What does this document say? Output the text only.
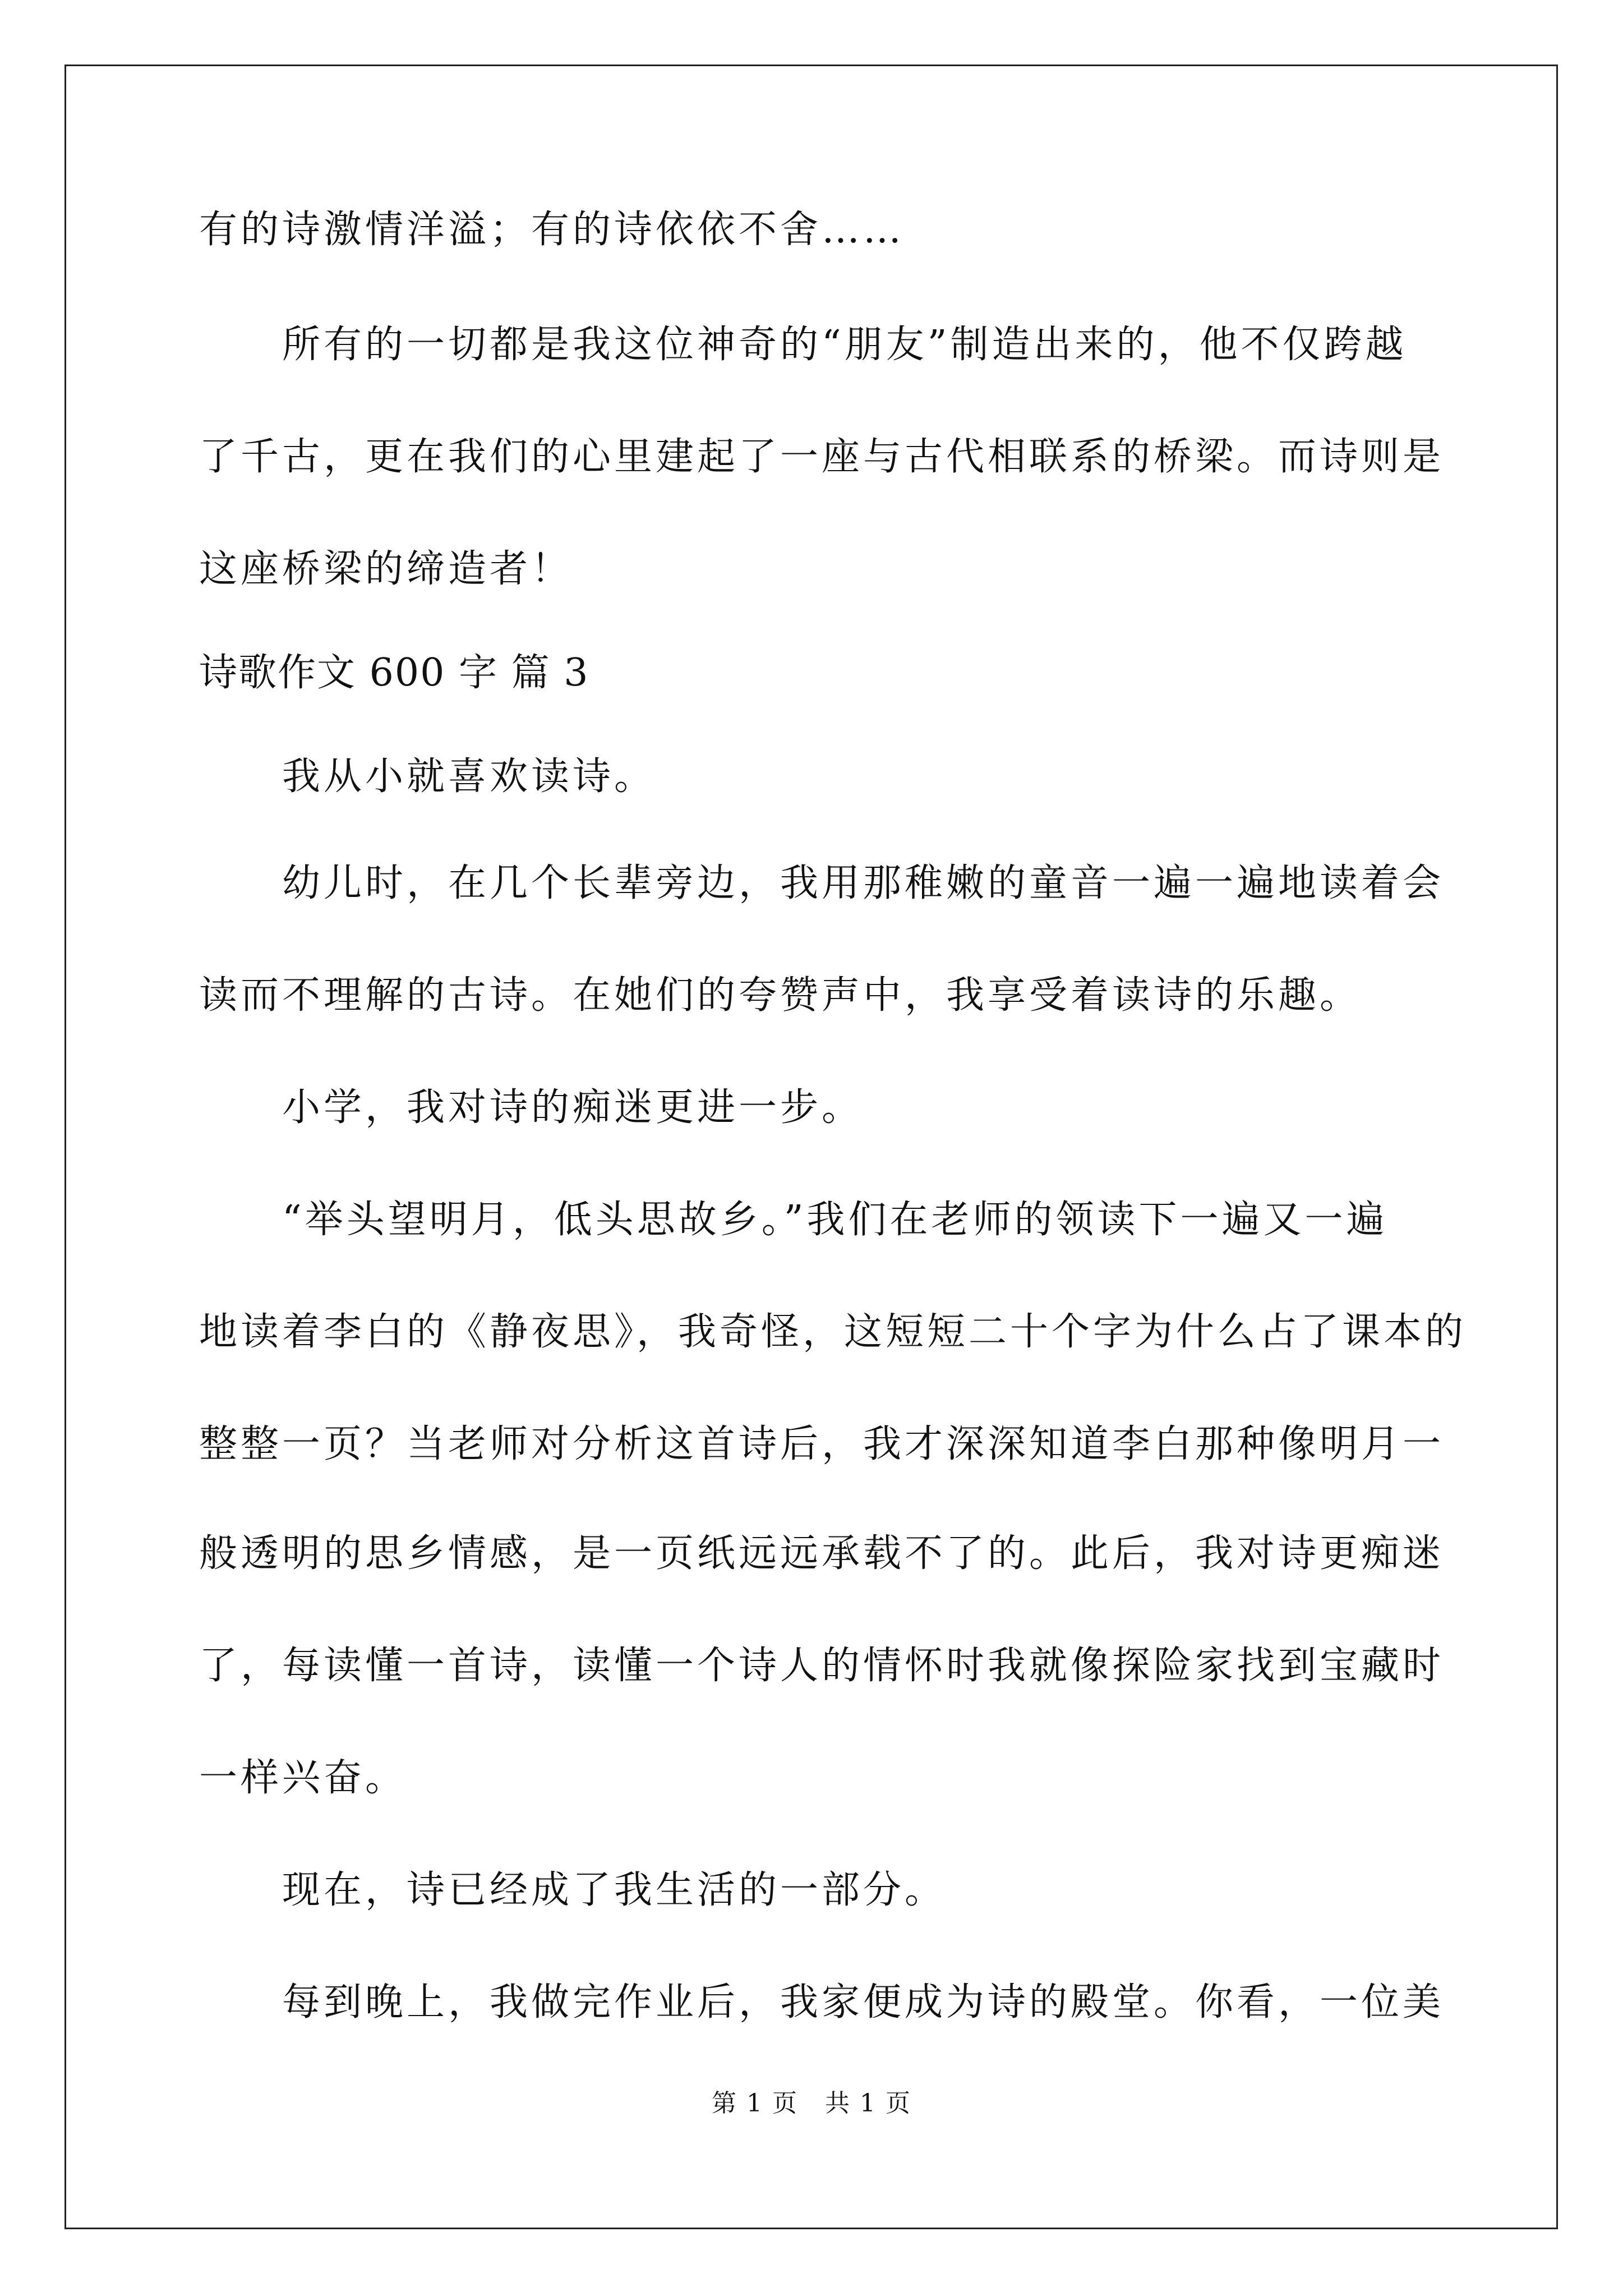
有的诗激情洋溢；有的诗依依不舍……
所有的一切都是我这位神奇的“朋友”制造出来的，他不仅跨越
了千古，更在我们的心里建起了一座与古代相联系的桥梁。而诗则是
这座桥梁的缔造者！
诗歌作文 600 字 篇 3
我从小就喜欢读诗。
幼儿时，在几个长辈旁边，我用那稚嫩的童音一遍一遍地读着会
读而不理解的古诗。在她们的夸赞声中，我享受着读诗的乐趣。
小学，我对诗的痴迷更进一步。
“举头望明月，低头思故乡。”我们在老师的领读下一遍又一遍
地读着李白的《静夜思》，我奇怪，这短短二十个字为什么占了课本的
整整一页？当老师对分析这首诗后，我才深深知道李白那种像明月一
般透明的思乡情感，是一页纸远远承载不了的。此后，我对诗更痴迷
了，每读懂一首诗，读懂一个诗人的情怀时我就像探险家找到宝藏时
一样兴奋。
现在，诗已经成了我生活的一部分。
每到晚上，我做完作业后，我家便成为诗的殿堂。你看，一位美
第 1 页 共 1 页
